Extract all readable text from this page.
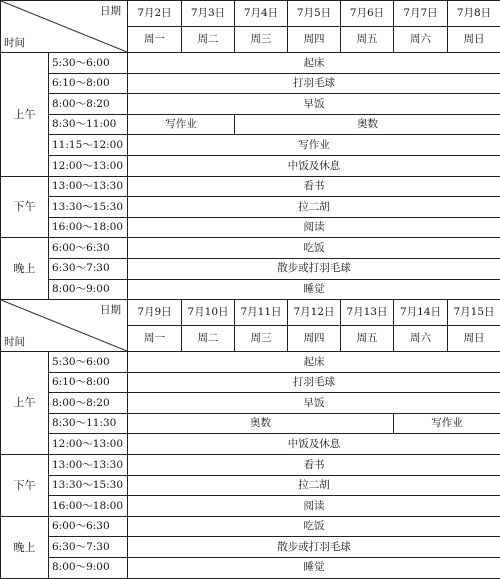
日期
时间		7月2日	7月3日	7月4日	7月5日	7月6日	7月7日	7月8日
		周一	周二	周三	周四	周五	周六	周日
上午	5:30～6:00	起床						
	6:10～8:00	打羽毛球						
	8:00～8:20	早饭						
	8:30～11:00	写作业		奥数				
	11:15～12:00	写作业						
	12:00～13:00	中饭及休息						
下午	13:00～13:30	看书						
	13:30～15:30	拉二胡						
	16:00～18:00	阅读						
晚上	6:00～6:30	吃饭						
	6:30～7:30	散步或打羽毛球						
	8:00～9:00	睡觉						
日期
时间		7月9日	7月10日	7月11日	7月12日	7月13日	7月14日	7月15日
		周一	周二	周三	周四	周五	周六	周日
上午	5:30～6:00	起床						
	6:10～8:00	打羽毛球						
	8:00～8:20	早饭						
	8:30～11:30	奥数					写作业	
	12:00～13:00	中饭及休息						
下午	13:00～13:30	看书						
	13:30～15:30	拉二胡						
	16:00～18:00	阅读						
晚上	6:00～6:30	吃饭						
	6:30～7:30	散步或打羽毛球						
	8:00～9:00	睡觉						
